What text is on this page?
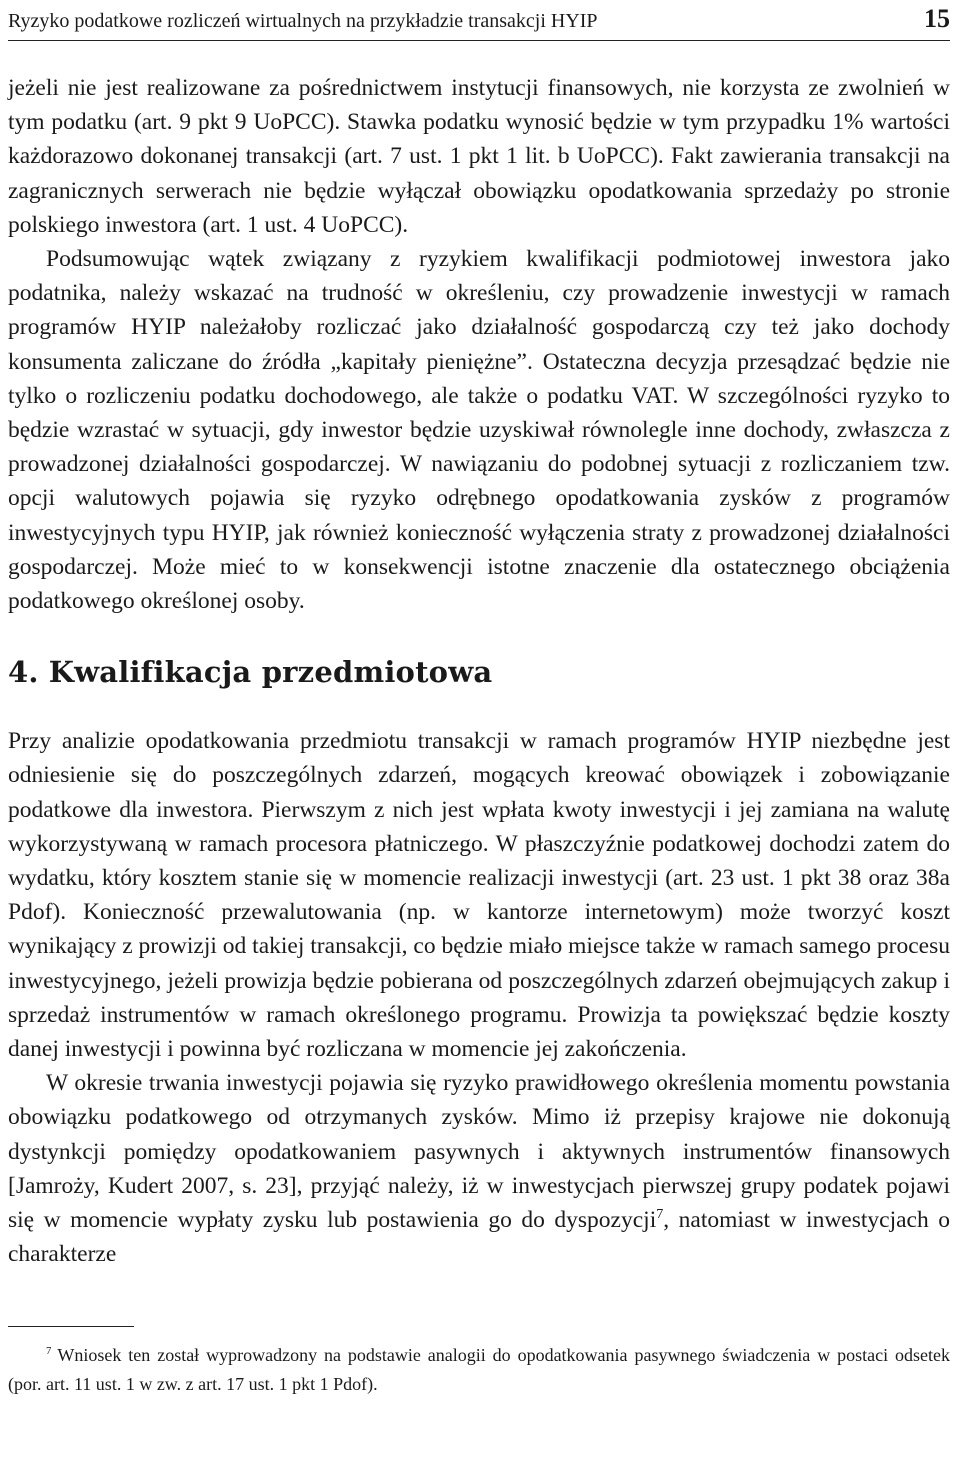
Ryzyko podatkowe rozliczeń wirtualnych na przykładzie transakcji HYIP	15

jeżeli nie jest realizowane za pośrednictwem instytucji finansowych, nie korzysta ze zwolnień w tym podatku (art. 9 pkt 9 UoPCC). Stawka podatku wynosić będzie w tym przypadku 1% wartości każdorazowo dokonanej transakcji (art. 7 ust. 1 pkt 1 lit. b UoPCC). Fakt zawierania transakcji na zagranicznych serwerach nie będzie wyłączał obowiązku opodatkowania sprzedaży po stronie polskiego inwestora (art. 1 ust. 4 UoPCC).

Podsumowując wątek związany z ryzykiem kwalifikacji podmiotowej inwestora jako podatnika, należy wskazać na trudność w określeniu, czy prowadzenie inwestycji w ramach programów HYIP należałoby rozliczać jako działalność gospodarczą czy też jako dochody konsumenta zaliczane do źródła „kapitały pieniężne”. Ostateczna decyzja przesądzać będzie nie tylko o rozliczeniu podatku dochodowego, ale także o podatku VAT. W szczególności ryzyko to będzie wzrastać w sytuacji, gdy inwestor będzie uzyskiwał równolegle inne dochody, zwłaszcza z prowadzonej działalności gospodarczej. W nawiązaniu do podobnej sytuacji z rozliczaniem tzw. opcji walutowych pojawia się ryzyko odrębnego opodatkowania zysków z programów inwestycyjnych typu HYIP, jak również konieczność wyłączenia straty z prowadzonej działalności gospodarczej. Może mieć to w konsekwencji istotne znaczenie dla ostatecznego obciążenia podatkowego określonej osoby.

4. Kwalifikacja przedmiotowa

Przy analizie opodatkowania przedmiotu transakcji w ramach programów HYIP niezbędne jest odniesienie się do poszczególnych zdarzeń, mogących kreować obowiązek i zobowiązanie podatkowe dla inwestora. Pierwszym z nich jest wpłata kwoty inwestycji i jej zamiana na walutę wykorzystywaną w ramach procesora płatniczego. W płaszczyźnie podatkowej dochodzi zatem do wydatku, który kosztem stanie się w momencie realizacji inwestycji (art. 23 ust. 1 pkt 38 oraz 38a Pdof). Konieczność przewalutowania (np. w kantorze internetowym) może tworzyć koszt wynikający z prowizji od takiej transakcji, co będzie miało miejsce także w ramach samego procesu inwestycyjnego, jeżeli prowizja będzie pobierana od poszczególnych zdarzeń obejmujących zakup i sprzedaż instrumentów w ramach określonego programu. Prowizja ta powiększać będzie koszty danej inwestycji i powinna być rozliczana w momencie jej zakończenia.

W okresie trwania inwestycji pojawia się ryzyko prawidłowego określenia momentu powstania obowiązku podatkowego od otrzymanych zysków. Mimo iż przepisy krajowe nie dokonują dystynkcji pomiędzy opodatkowaniem pasywnych i aktywnych instrumentów finansowych [Jamroży, Kudert 2007, s. 23], przyjąć należy, iż w inwestycjach pierwszej grupy podatek pojawi się w momencie wypłaty zysku lub postawienia go do dyspozycji$^7$, natomiast w inwestycjach o charakterze

$^7$ Wniosek ten został wyprowadzony na podstawie analogii do opodatkowania pasywnego świadczenia w postaci odsetek (por. art. 11 ust. 1 w zw. z art. 17 ust. 1 pkt 1 Pdof).
